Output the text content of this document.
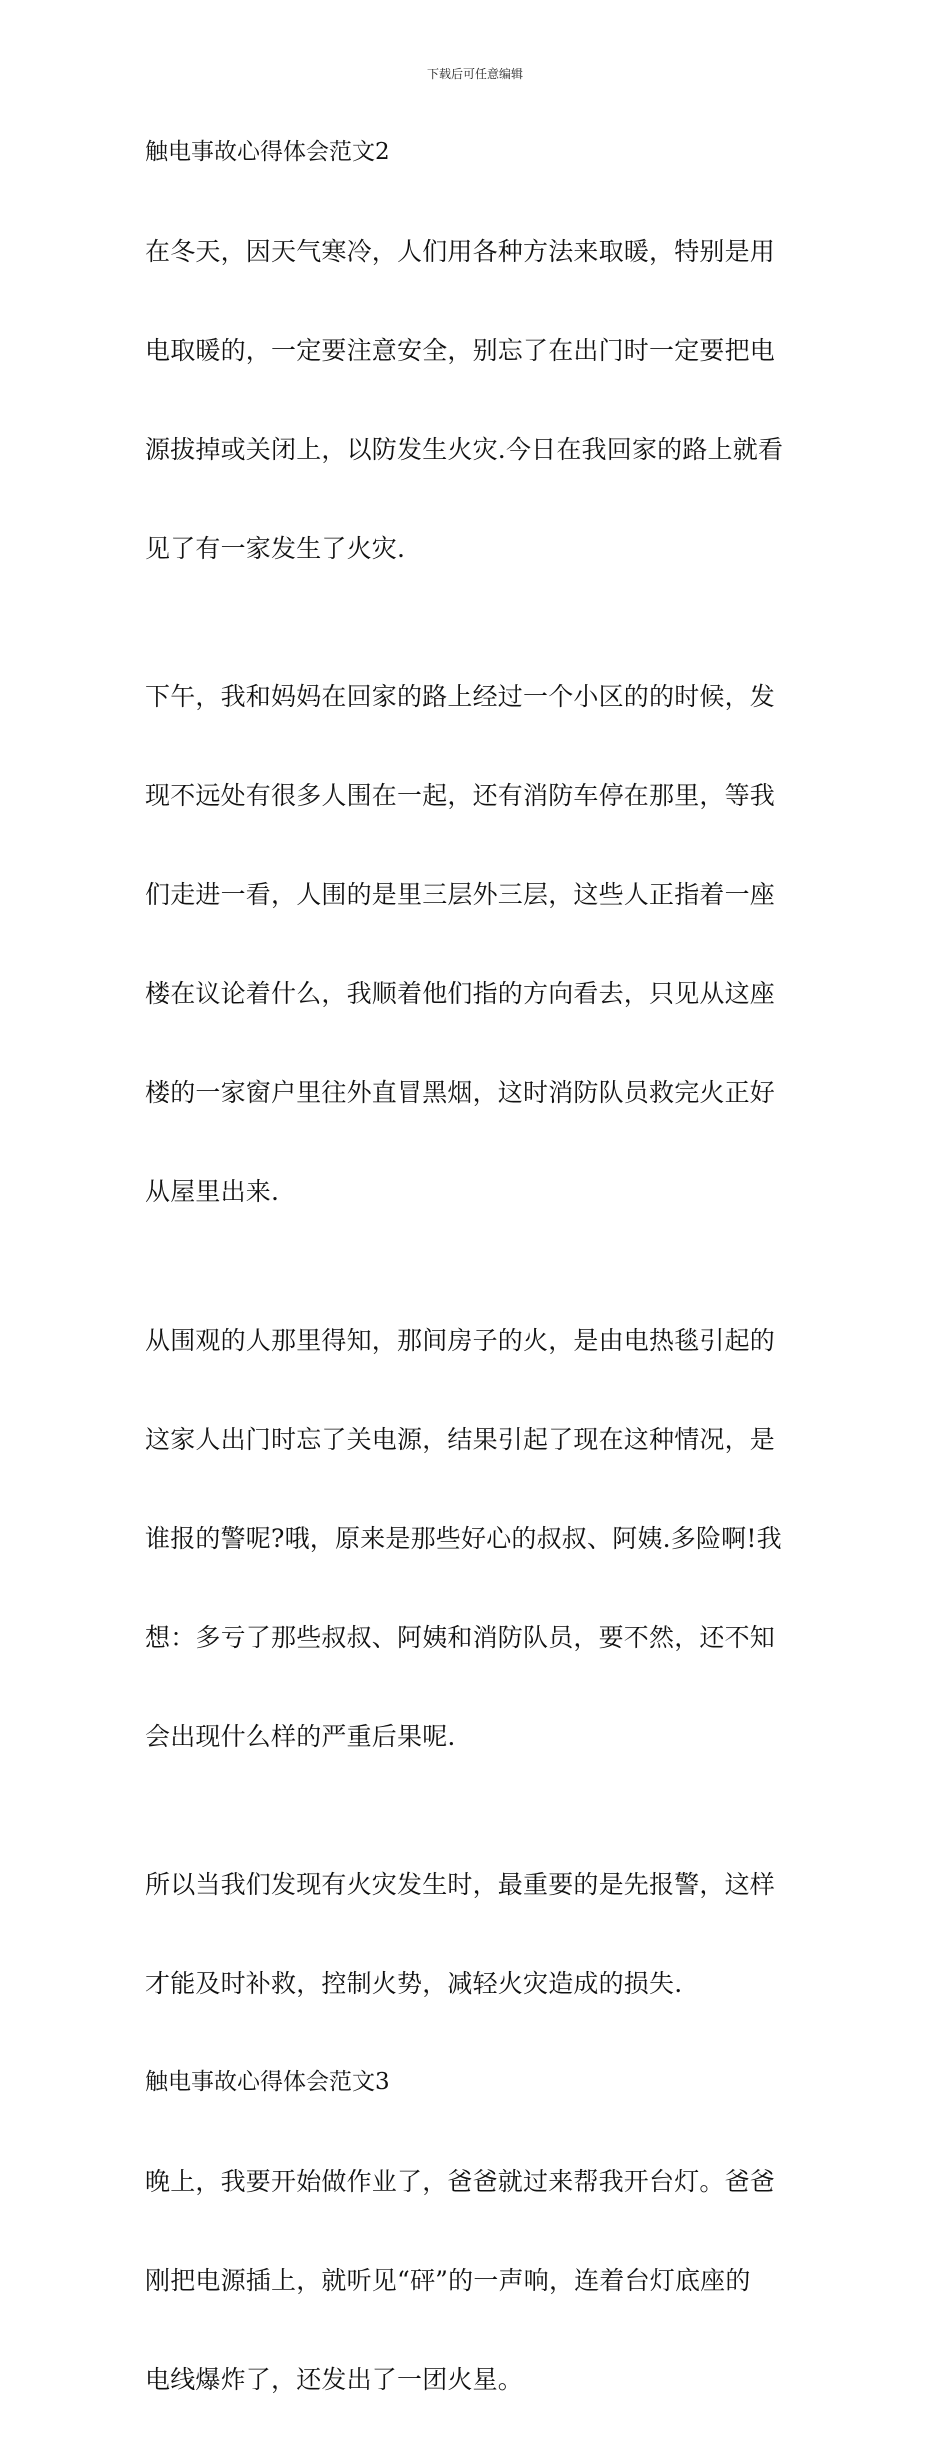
下载后可任意编辑
触电事故心得体会范文2

在冬天，因天气寒冷，人们用各种方法来取暖，特别是用

电取暖的，一定要注意安全，别忘了在出门时一定要把电

源拔掉或关闭上，以防发生火灾.今日在我回家的路上就看

见了有一家发生了火灾.

下午，我和妈妈在回家的路上经过一个小区的的时候，发

现不远处有很多人围在一起，还有消防车停在那里，等我

们走进一看，人围的是里三层外三层，这些人正指着一座

楼在议论着什么，我顺着他们指的方向看去，只见从这座

楼的一家窗户里往外直冒黑烟，这时消防队员救完火正好

从屋里出来.

从围观的人那里得知，那间房子的火，是由电热毯引起的

这家人出门时忘了关电源，结果引起了现在这种情况，是

谁报的警呢?哦，原来是那些好心的叔叔、阿姨.多险啊!我

想：多亏了那些叔叔、阿姨和消防队员，要不然，还不知

会出现什么样的严重后果呢.

所以当我们发现有火灾发生时，最重要的是先报警，这样

才能及时补救，控制火势，减轻火灾造成的损失.

触电事故心得体会范文3

晚上，我要开始做作业了，爸爸就过来帮我开台灯。爸爸

刚把电源插上，就听见“砰”的一声响，连着台灯底座的

电线爆炸了，还发出了一团火星。
